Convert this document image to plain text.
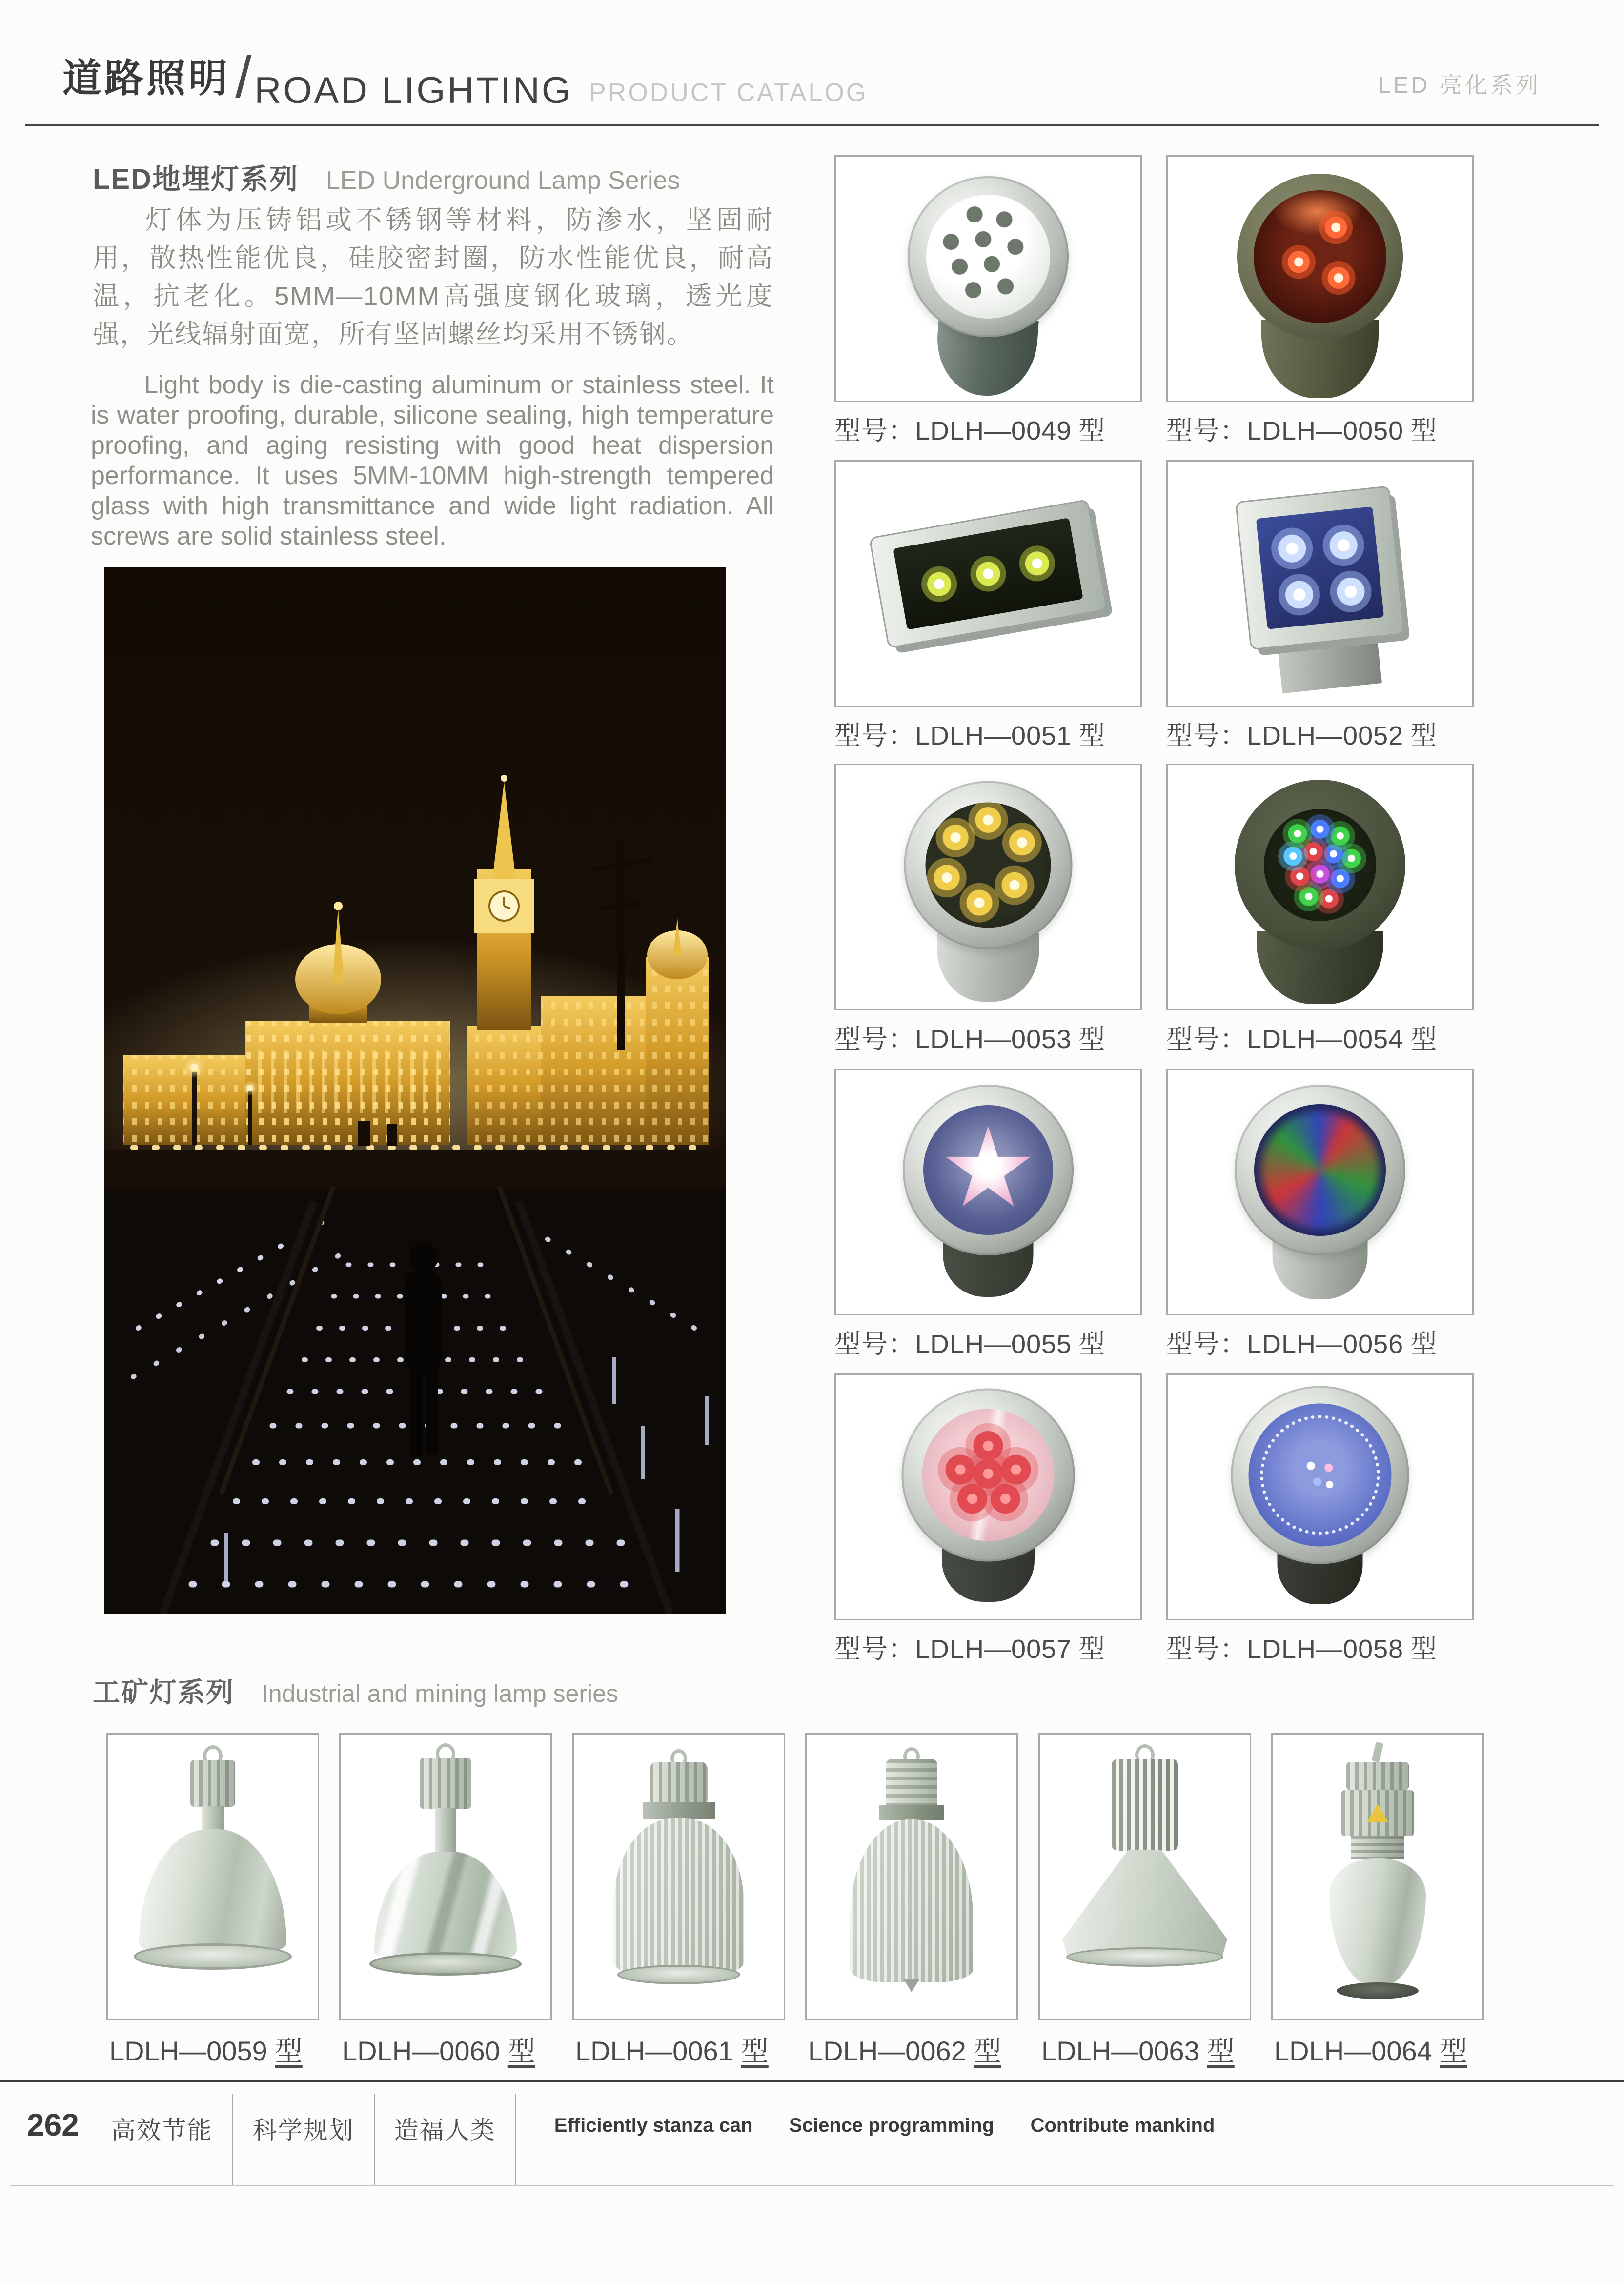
道路照明/ROAD LIGHTING PRODUCT CATALOG	LED 亮化系列
LED地埋灯系列 LED Underground Lamp Series
灯体为压铸铝或不锈钢等材料，防渗水，坚固耐用，散热性能优良，硅胶密封圈，防水性能优良，耐高温，抗老化。5MM—10MM高强度钢化玻璃，透光度强，光线辐射面宽，所有坚固螺丝均采用不锈钢。
Light body is die-casting aluminum or stainless steel. It is water proofing, durable, silicone sealing, high temperature proofing, and aging resisting with good heat dispersion performance. It uses 5MM-10MM high-strength tempered glass with high transmittance and wide light radiation. All screws are solid stainless steel.
型号：LDLH—0049 型 型号：LDLH—0050 型
型号：LDLH—0051 型 型号：LDLH—0052 型
型号：LDLH—0053 型 型号：LDLH—0054 型
型号：LDLH—0055 型 型号：LDLH—0056 型
型号：LDLH—0057 型 型号：LDLH—0058 型
工矿灯系列 Industrial and mining lamp series
LDLH—0059 型 LDLH—0060 型 LDLH—0061 型 LDLH—0062 型 LDLH—0063 型 LDLH—0064 型
262	高效节能	科学规划	造福人类	Efficiently stanza can Science programming Contribute mankind
